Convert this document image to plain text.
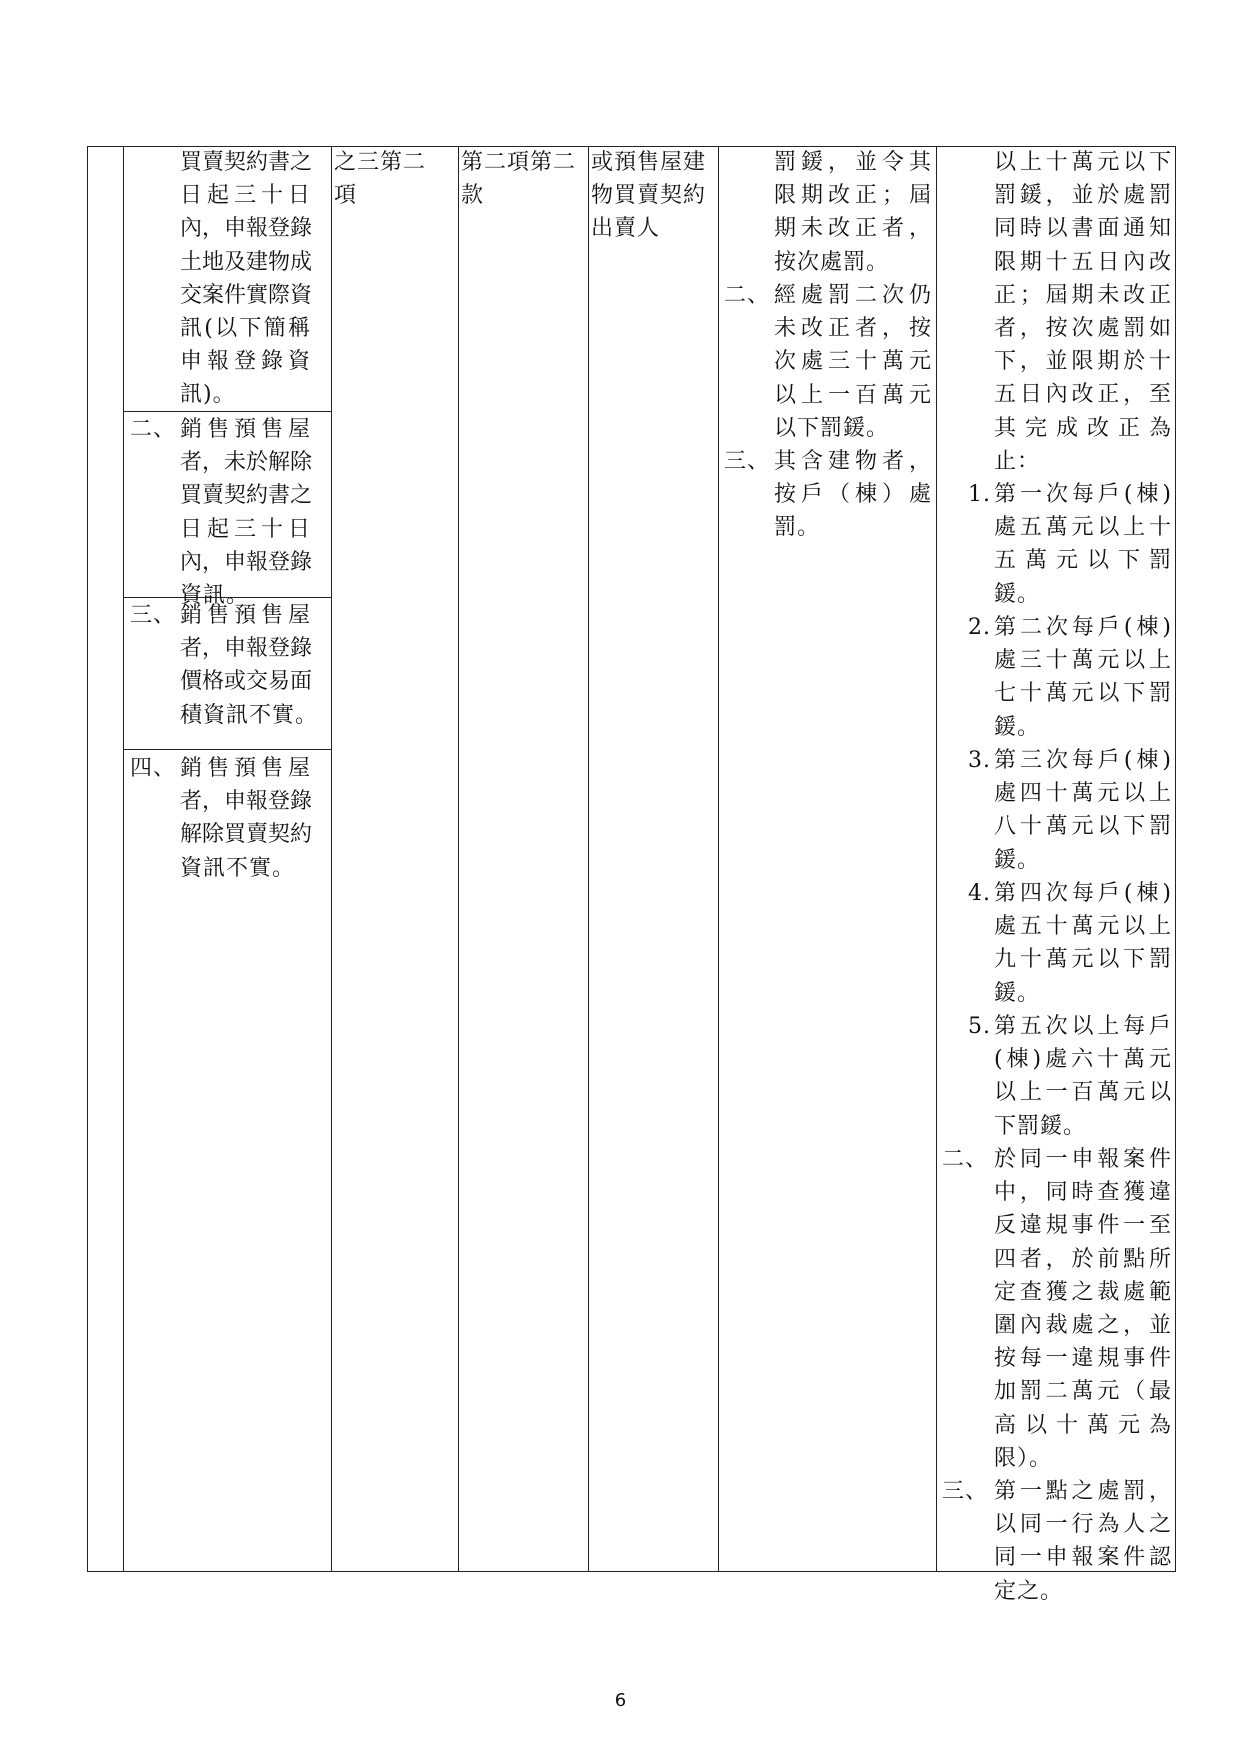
買賣契約書之
日起三十日
內，申報登錄
土地及建物成
交案件實際資
訊(以下簡稱
申報登錄資
訊)。
二、 銷售預售屋
者，未於解除
買賣契約書之
日起三十日
內，申報登錄
資訊。
三、 銷售預售屋
者，申報登錄
價格或交易面
積資訊不實。
四、 銷售預售屋
者，申報登錄
解除買賣契約
資訊不實。
之三第二
項
第二項第二
款
或預售屋建
物買賣契約
出賣人
罰鍰，並令其
限期改正；屆
期未改正者，
按次處罰。
二、 經處罰二次仍
未改正者，按
次處三十萬元
以上一百萬元
以下罰鍰。
三、 其含建物者，
按戶（棟）處
罰。
以上十萬元以下
罰鍰，並於處罰
同時以書面通知
限期十五日內改
正；屆期未改正
者，按次處罰如
下，並限期於十
五日內改正，至
其完成改正為
止：
1. 第一次每戶(棟)
處五萬元以上十
五萬元以下罰
鍰。
2. 第二次每戶(棟)
處三十萬元以上
七十萬元以下罰
鍰。
3. 第三次每戶(棟)
處四十萬元以上
八十萬元以下罰
鍰。
4. 第四次每戶(棟)
處五十萬元以上
九十萬元以下罰
鍰。
5. 第五次以上每戶
(棟)處六十萬元
以上一百萬元以
下罰鍰。
二、 於同一申報案件
中，同時查獲違
反違規事件一至
四者，於前點所
定查獲之裁處範
圍內裁處之，並
按每一違規事件
加罰二萬元（最
高以十萬元為
限）。
三、 第一點之處罰，
以同一行為人之
同一申報案件認
定之。
6
